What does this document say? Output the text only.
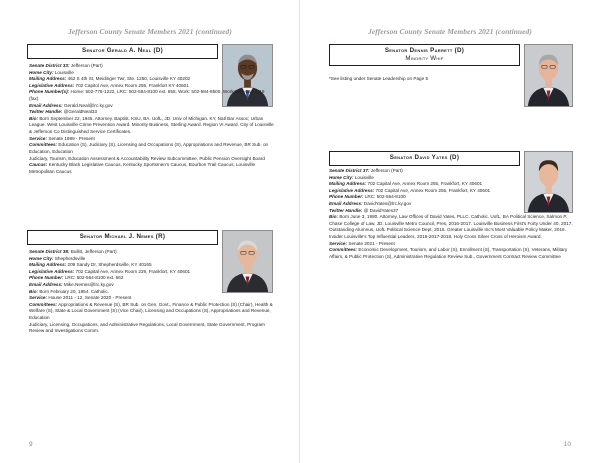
Jefferson County Senate Members 2021 (continued)
Senator Gerald A. Neal (D)
Senate District 33: Jefferson (Part)
Home City: Louisville
Mailing Address: 462 S 4th St, Meidinger Twr, Ste. 1250, Louisville KY 40202
Legislative Address: 702 Capitol Ave, Annex Room 255, Frankfort KY 40601
Phone Number(s): Home: 502-776-1222, LRC: 502-564-8100 ext. 655, Work: 502-584-8500, Work: 502-564-1119 (fax)
Email Address: Gerald.Neal@lrc.ky.gov
Twitter Handle: @GeraldNeal33
Bio: Born September 22, 1945. Attorney. Baptist. KSU, BA. UofL, JD. Univ of Michigan. KY, Natl Bar Assoc; Urban League. West Louisville Crime Prevention Award. Minority Business, Sterling Award. Region VI Award. City of Louisville & Jefferson Co Distinguished Service Certificates.
Service: Senate 1989 - Present
Committees: Education (S), Judiciary (S), Licensing and Occupations (S), Appropriations and Revenue, BR Sub. on Education, Education
Judiciary, Tourism, Education Assessment & Accountability Review Subcommittee, Public Pension Oversight Board
Caucus: Kentucky Black Legislative Caucus, Kentucky Sportsmen's Caucus, Bourbon Trail Caucus, Louisville Metropolitan Caucus
Senator Michael J. Nemes (R)
Senate District 38: Bullitt, Jefferson (Part)
Home City: Shepherdsville
Mailing Address: 209 Sandy Dr, Shepherdsville, KY 40165
Legislative Address: 702 Capital Ave, Annex Room 229, Frankfort, KY 40601
Phone Number: LRC: 502-564-8100 ext. 662
Email Address: Mike.Nemes@lrc.ky.gov
Bio: Born February 20, 1954. Catholic.
Service: House 2011 - 12, Senate 2020 - Present
Committees: Appropriations & Revenue (S), BR Sub. on Gen. Govt., Finance & Public Protection (S) (Chair), Health & Welfare (S), State & Local Government (S) (Vice Chair), Licensing and Occupations (S), Appropriations and Revenue, Education
Judiciary, Licensing, Occupations, and Administrative Regulations, Local Government, State Government, Program Review and Investigations Comm.
9
Jefferson County Senate Members 2021 (continued)
Senator Dennis Parrett (D)
Minority Whip
*See listing under Senate Leadership on Page 5
Senator David Yates (D)
Senate District 37: Jefferson (Part)
Home City: Louisville
Mailing Address: 702 Capital Ave, Annex Room 255, Frankfort, KY 40601
Legislative Address: 702 Capital Ave, Annex Room 255, Frankfort, KY 40601
Phone Number: LRC: 502-564-8100
Email Address: DavidYates@lrc.ky.gov
Twitter Handle: @ DavidYates37
Bio: Born June 3, 1980. Attorney, Law Offices of David Yates, PLLC. Catholic. UofL, BA Political Science, Salmon P. Chase College of Law, JD. Louisville Metro Council, Pres, 2016-2017. Louisville Business First's Forty Under 40, 2017. Outstanding Alumnus, UofL Political Science Dept, 2016. Greater Louisville Inc's Most Valuable Policy Maker, 2016. Insider Louisville's Top Influential Leaders, 2016-2017-2018. Holy Cross Silver Cross of Heroism Award.
Service: Senate 2021 - Present
Committees: Economic Development, Tourism, and Labor (S), Enrollment (S), Transportation (S), Veterans, Military Affairs, & Public Protection (S), Administrative Regulation Review Sub., Government Contract Review Committee
10
